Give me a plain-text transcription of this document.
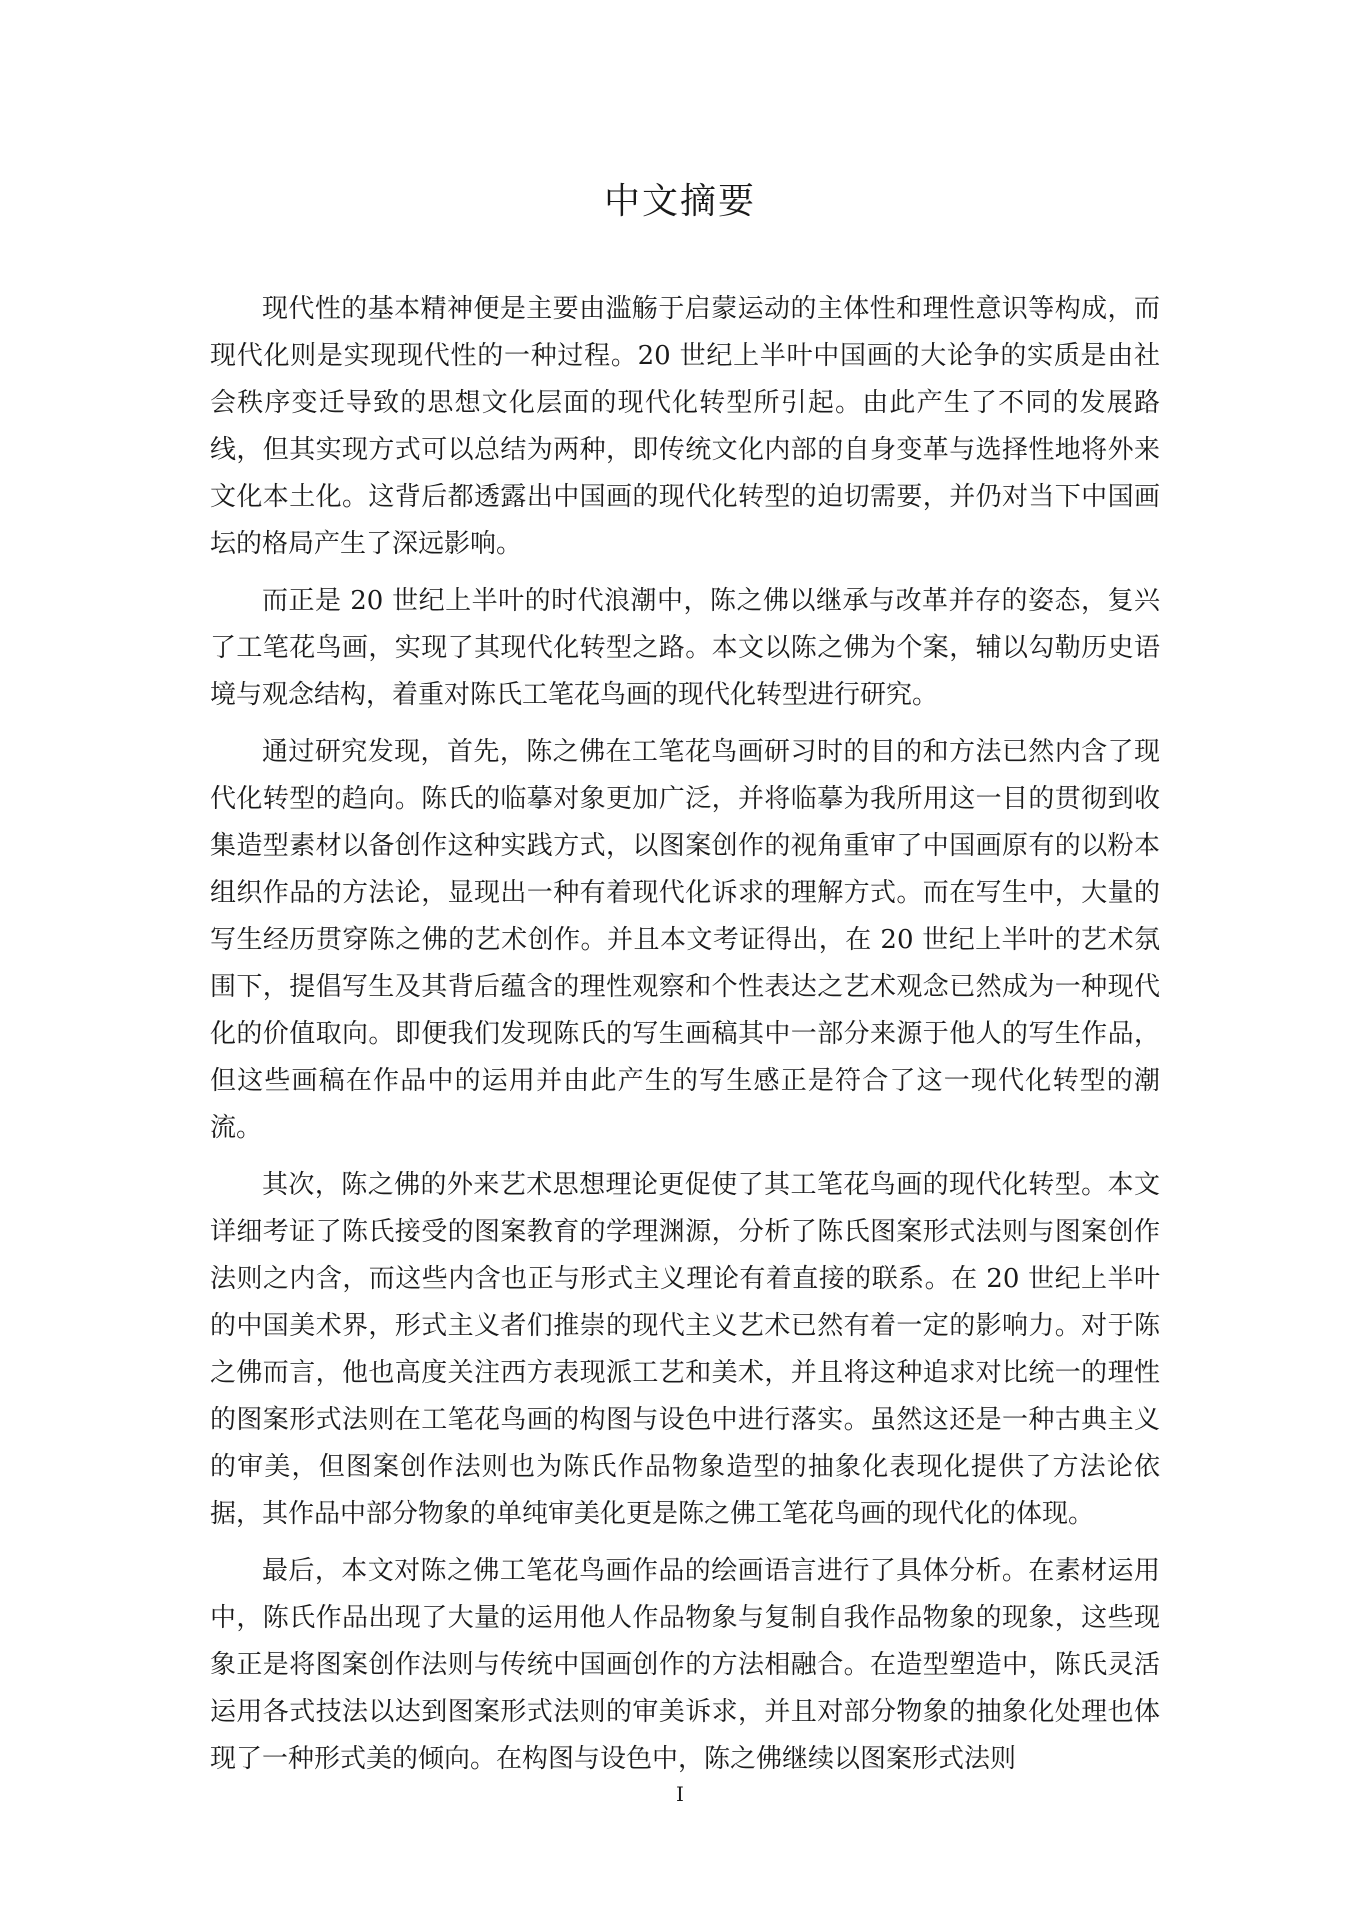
中文摘要

现代性的基本精神便是主要由滥觞于启蒙运动的主体性和理性意识等构成，而现代化则是实现现代性的一种过程。20 世纪上半叶中国画的大论争的实质是由社会秩序变迁导致的思想文化层面的现代化转型所引起。由此产生了不同的发展路线，但其实现方式可以总结为两种，即传统文化内部的自身变革与选择性地将外来文化本土化。这背后都透露出中国画的现代化转型的迫切需要，并仍对当下中国画坛的格局产生了深远影响。

而正是 20 世纪上半叶的时代浪潮中，陈之佛以继承与改革并存的姿态，复兴了工笔花鸟画，实现了其现代化转型之路。本文以陈之佛为个案，辅以勾勒历史语境与观念结构，着重对陈氏工笔花鸟画的现代化转型进行研究。

通过研究发现，首先，陈之佛在工笔花鸟画研习时的目的和方法已然内含了现代化转型的趋向。陈氏的临摹对象更加广泛，并将临摹为我所用这一目的贯彻到收集造型素材以备创作这种实践方式，以图案创作的视角重审了中国画原有的以粉本组织作品的方法论，显现出一种有着现代化诉求的理解方式。而在写生中，大量的写生经历贯穿陈之佛的艺术创作。并且本文考证得出，在 20 世纪上半叶的艺术氛围下，提倡写生及其背后蕴含的理性观察和个性表达之艺术观念已然成为一种现代化的价值取向。即便我们发现陈氏的写生画稿其中一部分来源于他人的写生作品，但这些画稿在作品中的运用并由此产生的写生感正是符合了这一现代化转型的潮流。

其次，陈之佛的外来艺术思想理论更促使了其工笔花鸟画的现代化转型。本文详细考证了陈氏接受的图案教育的学理渊源，分析了陈氏图案形式法则与图案创作法则之内含，而这些内含也正与形式主义理论有着直接的联系。在 20 世纪上半叶的中国美术界，形式主义者们推崇的现代主义艺术已然有着一定的影响力。对于陈之佛而言，他也高度关注西方表现派工艺和美术，并且将这种追求对比统一的理性的图案形式法则在工笔花鸟画的构图与设色中进行落实。虽然这还是一种古典主义的审美，但图案创作法则也为陈氏作品物象造型的抽象化表现化提供了方法论依据，其作品中部分物象的单纯审美化更是陈之佛工笔花鸟画的现代化的体现。

最后，本文对陈之佛工笔花鸟画作品的绘画语言进行了具体分析。在素材运用中，陈氏作品出现了大量的运用他人作品物象与复制自我作品物象的现象，这些现象正是将图案创作法则与传统中国画创作的方法相融合。在造型塑造中，陈氏灵活运用各式技法以达到图案形式法则的审美诉求，并且对部分物象的抽象化处理也体现了一种形式美的倾向。在构图与设色中，陈之佛继续以图案形式法则

I
